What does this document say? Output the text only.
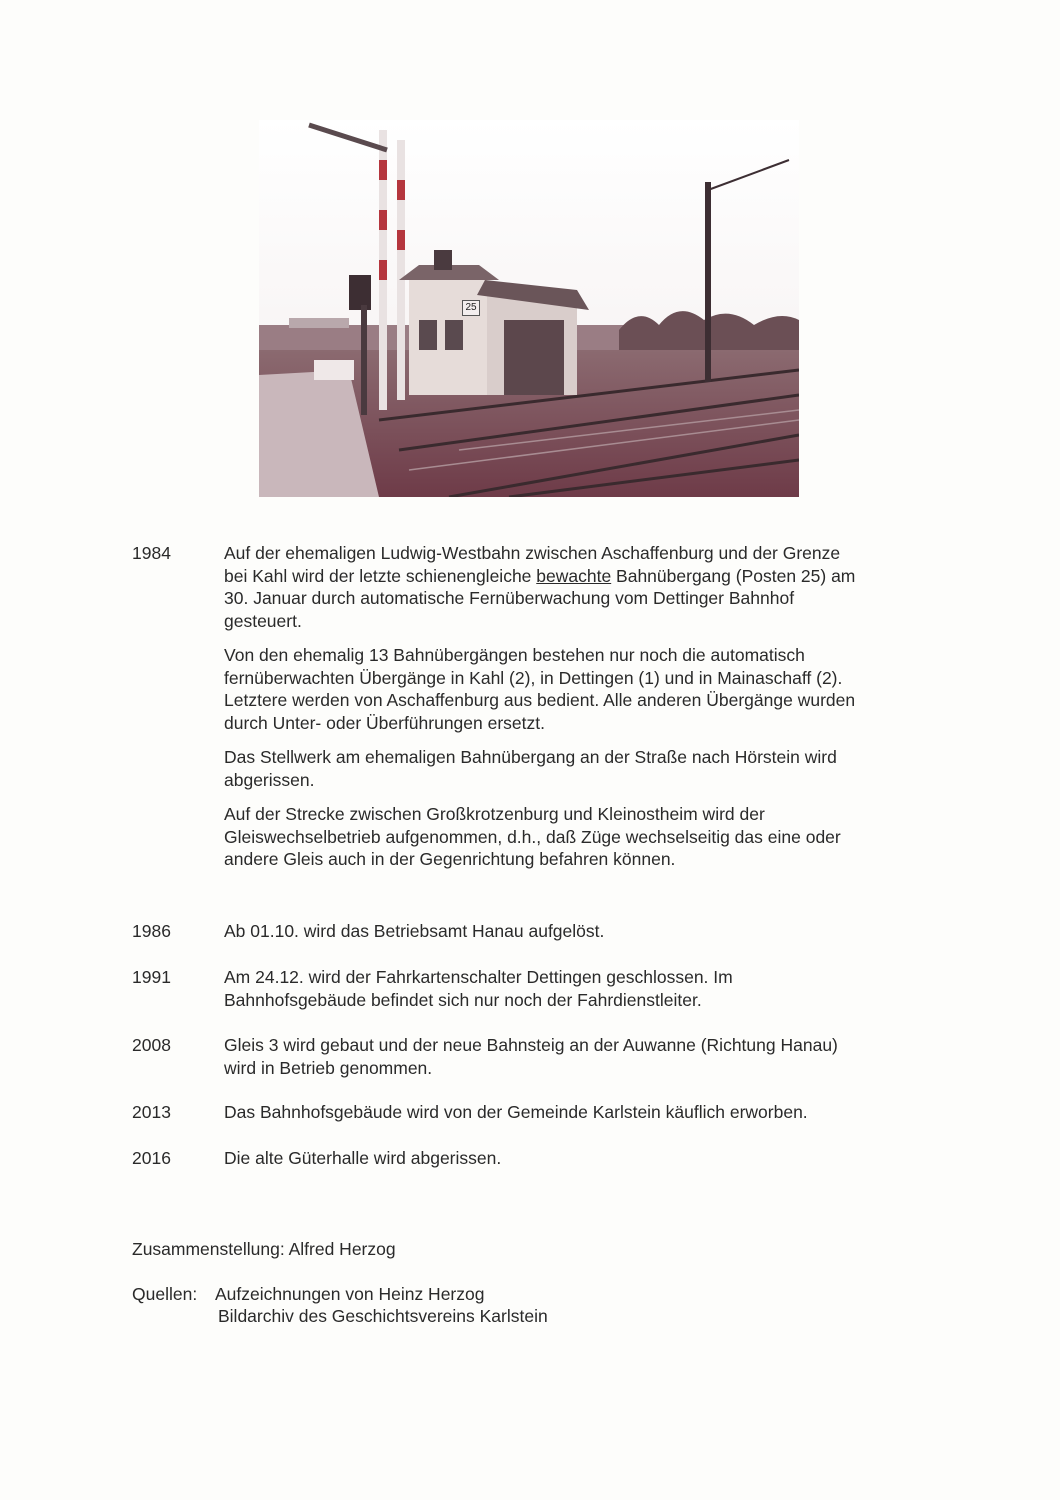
25
1984	Auf der ehemaligen Ludwig-Westbahn zwischen Aschaffenburg und der Grenze
bei Kahl wird der letzte schienengleiche bewachte Bahnübergang (Posten 25) am
30. Januar durch automatische Fernüberwachung vom Dettinger Bahnhof
gesteuert.

Von den ehemalig 13 Bahnübergängen bestehen nur noch die automatisch
fernüberwachten Übergänge in Kahl (2), in Dettingen (1) und in Mainaschaff (2).
Letztere werden von Aschaffenburg aus bedient. Alle anderen Übergänge wurden
durch Unter- oder Überführungen ersetzt.

Das Stellwerk am ehemaligen Bahnübergang an der Straße nach Hörstein wird
abgerissen.

Auf der Strecke zwischen Großkrotzenburg und Kleinostheim wird der
Gleiswechselbetrieb aufgenommen, d.h., daß Züge wechselseitig das eine oder
andere Gleis auch in der Gegenrichtung befahren können.

1986	Ab 01.10. wird das Betriebsamt Hanau aufgelöst.
1991	Am 24.12. wird der Fahrkartenschalter Dettingen geschlossen. Im
Bahnhofsgebäude befindet sich nur noch der Fahrdienstleiter.
2008	Gleis 3 wird gebaut und der neue Bahnsteig an der Auwanne (Richtung Hanau)
wird in Betrieb genommen.
2013	Das Bahnhofsgebäude wird von der Gemeinde Karlstein käuflich erworben.
2016	Die alte Güterhalle wird abgerissen.
Zusammenstellung: Alfred Herzog
Quellen: Aufzeichnungen von Heinz Herzog
Bildarchiv des Geschichtsvereins Karlstein
